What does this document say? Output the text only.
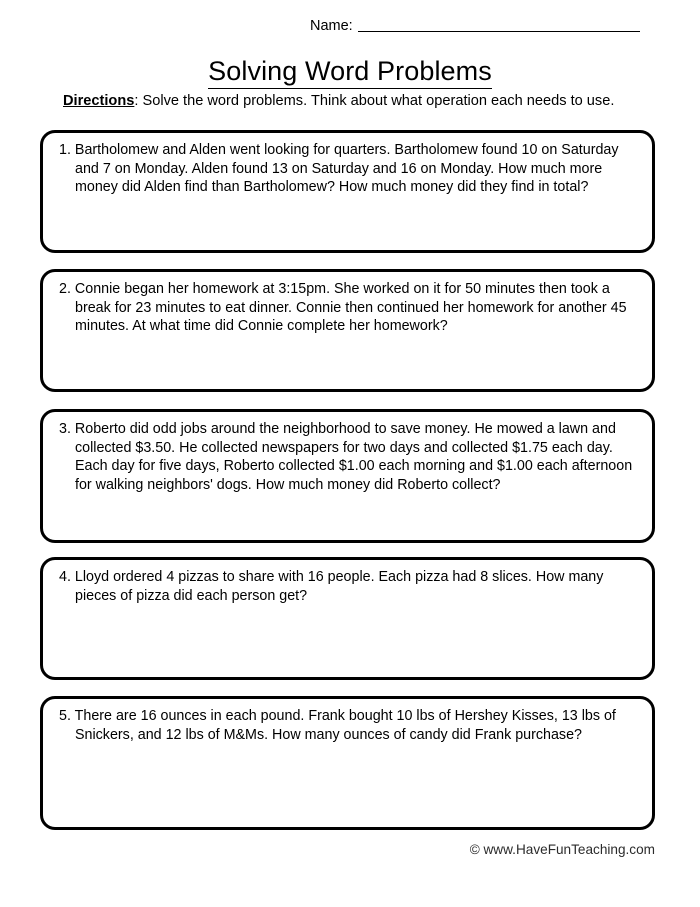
Name:
Solving Word Problems
Directions: Solve the word problems. Think about what operation each needs to use.
1. Bartholomew and Alden went looking for quarters. Bartholomew found 10 on Saturday and 7 on Monday. Alden found 13 on Saturday and 16 on Monday. How much more money did Alden find than Bartholomew? How much money did they find in total?
2. Connie began her homework at 3:15pm. She worked on it for 50 minutes then took a break for 23 minutes to eat dinner. Connie then continued her homework for another 45 minutes. At what time did Connie complete her homework?
3. Roberto did odd jobs around the neighborhood to save money. He mowed a lawn and collected $3.50. He collected newspapers for two days and collected $1.75 each day. Each day for five days, Roberto collected $1.00 each morning and $1.00 each afternoon for walking neighbors' dogs. How much money did Roberto collect?
4. Lloyd ordered 4 pizzas to share with 16 people. Each pizza had 8 slices. How many pieces of pizza did each person get?
5. There are 16 ounces in each pound. Frank bought 10 lbs of Hershey Kisses, 13 lbs of Snickers, and 12 lbs of M&Ms. How many ounces of candy did Frank purchase?
© www.HaveFunTeaching.com
